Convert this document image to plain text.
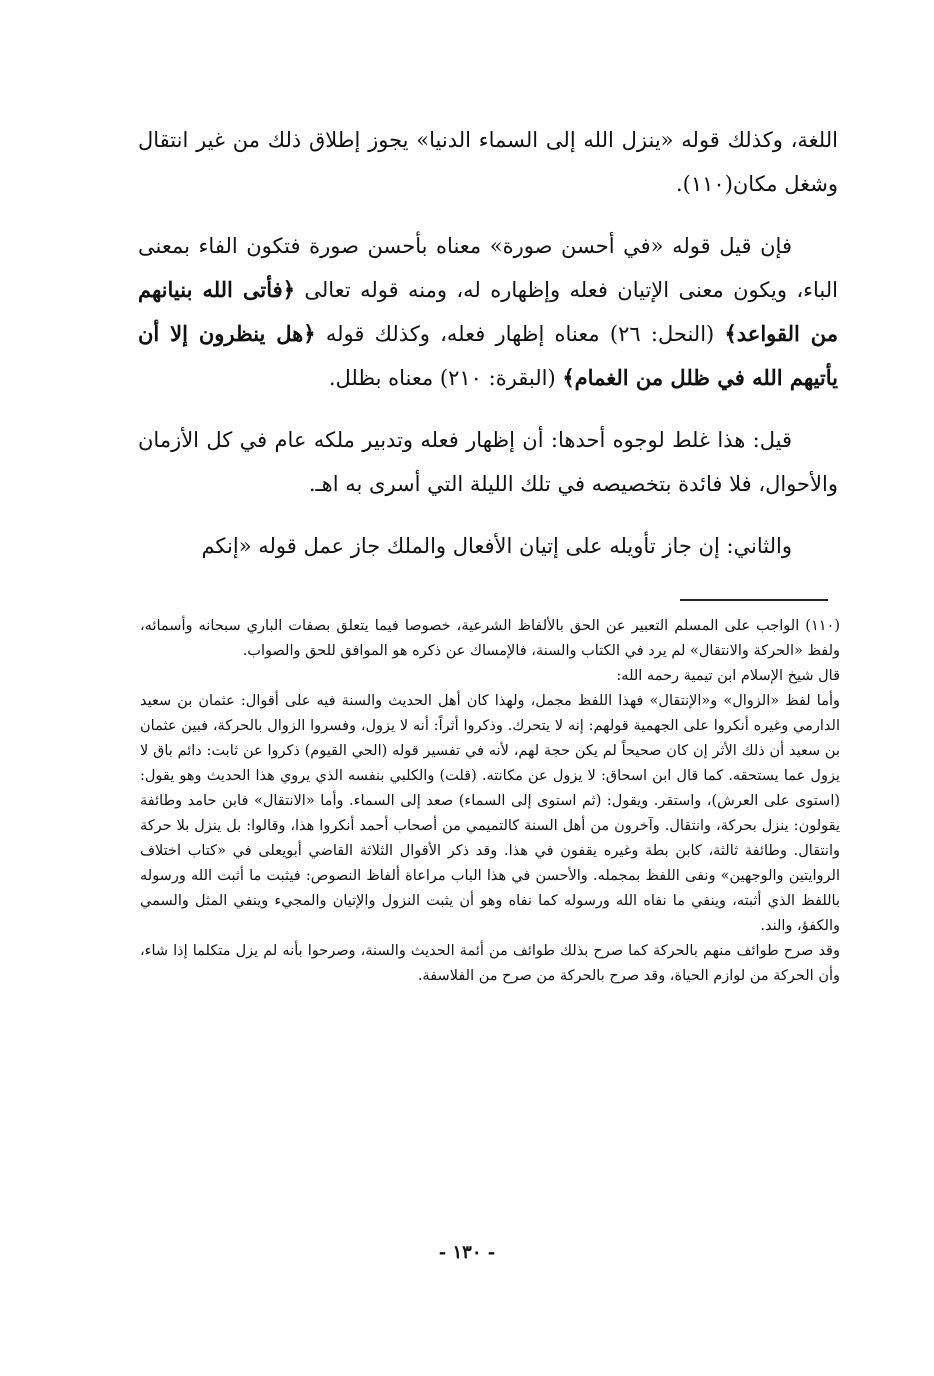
اللغة، وكذلك قوله «ينزل الله إلى السماء الدنيا» يجوز إطلاق ذلك من غير انتقال وشغل مكان(١١٠).

فإن قيل قوله «في أحسن صورة» معناه بأحسن صورة فتكون الفاء بمعنى الباء، ويكون معنى الإتيان فعله وإظهاره له، ومنه قوله تعالى ﴿فأتى الله بنيانهم من القواعد﴾ (النحل: ٢٦) معناه إظهار فعله، وكذلك قوله ﴿هل ينظرون إلا أن يأتيهم الله في ظلل من الغمام﴾ (البقرة: ٢١٠) معناه بظلل.

قيل: هذا غلط لوجوه أحدها: أن إظهار فعله وتدبير ملكه عام في كل الأزمان والأحوال، فلا فائدة بتخصيصه في تلك الليلة التي أسرى به اهـ.

والثاني: إن جاز تأويله على إتيان الأفعال والملك جاز عمل قوله «إنكم

(١١٠) الواجب على المسلم التعبير عن الحق بالألفاظ الشرعية، خصوصا فيما يتعلق بصفات الباري سبحانه وأسمائه، ولفظ «الحركة والانتقال» لم يرد في الكتاب والسنة، فالإمساك عن ذكره هو الموافق للحق والصواب.

قال شيخ الإسلام ابن تيمية رحمه الله:

وأما لفظ «الزوال» و«الإنتقال» فهذا اللفظ مجمل، ولهذا كان أهل الحديث والسنة فيه على أقوال: عثمان بن سعيد الدارمي وغيره أنكروا على الجهمية قولهم: إنه لا يتحرك. وذكروا أثراً: أنه لا يزول، وفسروا الزوال بالحركة، فبين عثمان بن سعيد أن ذلك الأثر إن كان صحيحاً لم يكن حجة لهم، لأنه في تفسير قوله (الحي القيوم) ذكروا عن ثابت: دائم باق لا يزول عما يستحقه. كما قال ابن اسحاق: لا يزول عن مكانته. (قلت) والكلبي بنفسه الذي يروي هذا الحديث وهو يقول: (استوى على العرش)، واستقر. ويقول: (ثم استوى إلى السماء) صعد إلى السماء. وأما «الانتقال» فابن حامد وطائفة يقولون: ينزل بحركة، وانتقال. وآخرون من أهل السنة كالتميمي من أصحاب أحمد أنكروا هذا، وقالوا: بل ينزل بلا حركة وانتقال. وطائفة ثالثة، كابن بطة وغيره يقفون في هذا. وقد ذكر الأقوال الثلاثة القاضي أبويعلى في «كتاب اختلاف الروايتين والوجهين» ونفى اللفظ بمجمله. والأحسن في هذا الباب مراعاة ألفاظ النصوص: فيثبت ما أثبت الله ورسوله باللفظ الذي أثبته، وينفي ما نفاه الله ورسوله كما نفاه وهو أن يثبت النزول والإتيان والمجيء وينفي المثل والسمي والكفؤ، والند.

وقد صرح طوائف منهم بالحركة كما صرح بذلك طوائف من أئمة الحديث والسنة، وصرحوا بأنه لم يزل متكلما إذا شاء، وأن الحركة من لوازم الحياة، وقد صرح بالحركة من صرح من الفلاسفة.

- ١٣٠ -
